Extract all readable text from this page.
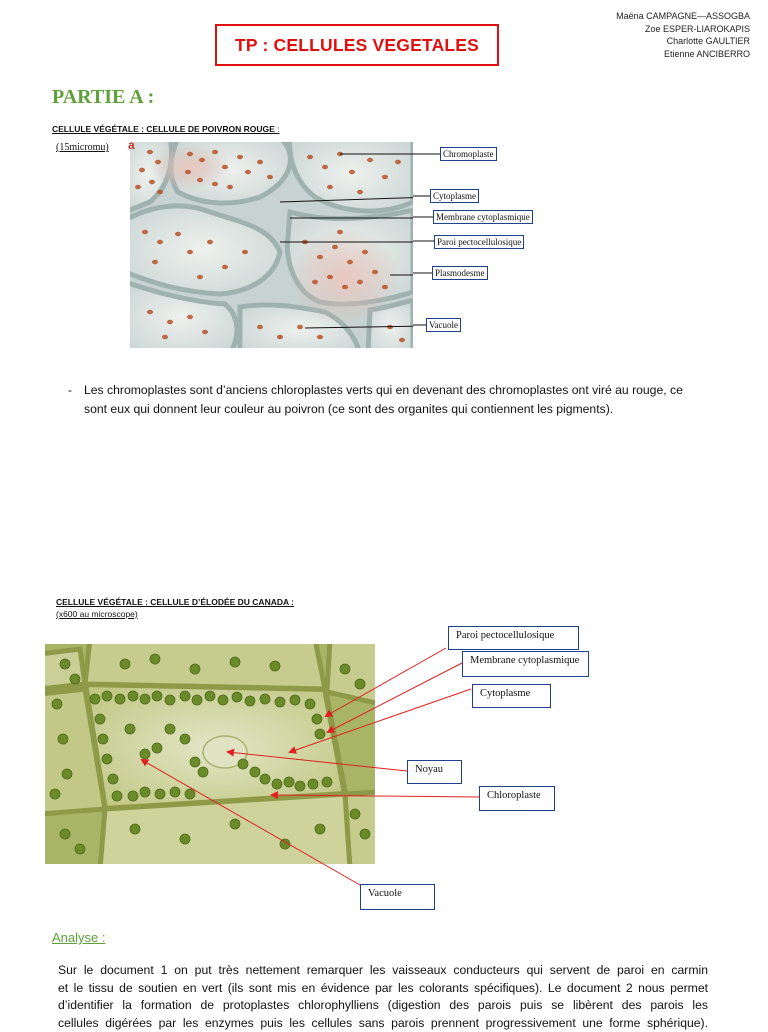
Maëna CAMPAGNE—ASSOGBA
Zoe ESPER-LIAROKAPIS
Charlotte GAULTIER
Etienne ANCIBERRO
TP : CELLULES VEGETALES
PARTIE A :
CELLULE VÉGÉTALE : CELLULE DE POIVRON ROUGE :
(15micromu) a
Chromoplaste
Cytoplasme
Membrane cytoplasmique
Paroi pectocellulosique
Plasmodesme
Vacuole
- Les chromoplastes sont d’anciens chloroplastes verts qui en devenant des chromoplastes ont viré au rouge, ce sont eux qui donnent leur couleur au poivron (ce sont des organites qui contiennent les pigments).
CELLULE VÉGÉTALE : CELLULE D’ÉLODÉE DU CANADA :
(x600 au microscope)
Paroi pectocellulosique
Membrane cytoplasmique
Cytoplasme
Noyau
Chloroplaste
Vacuole
Analyse :
Sur le document 1 on put très nettement remarquer les vaisseaux conducteurs qui servent de paroi en carmin
et le tissu de soutien en vert (ils sont mis en évidence par les colorants spécifiques). Le document 2 nous permet
d’identifier la formation de protoplastes chlorophylliens (digestion des parois puis se libèrent des parois les
cellules digérées par les enzymes puis les cellules sans parois prennent progressivement une forme sphérique).
